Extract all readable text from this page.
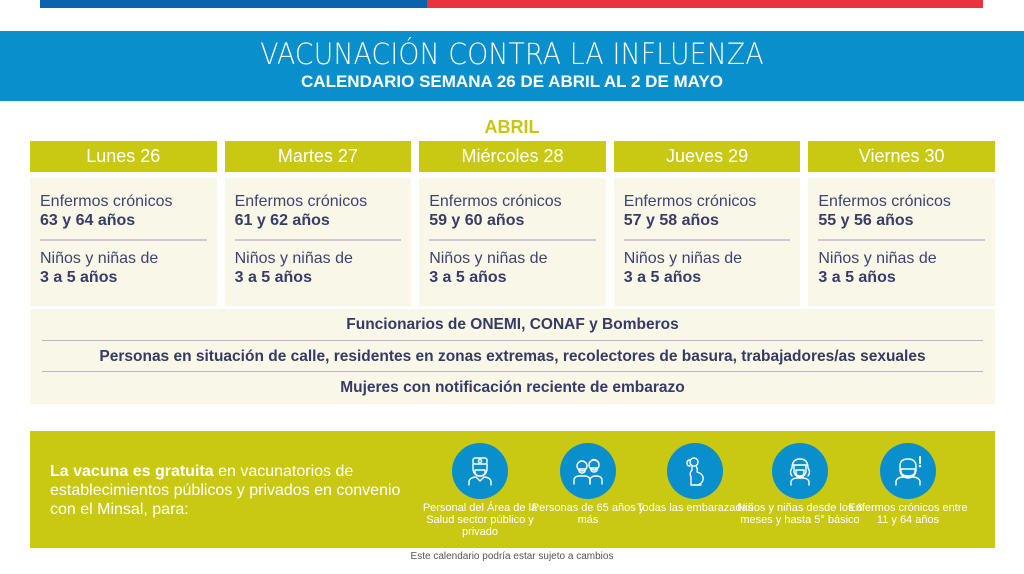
VACUNACIÓN CONTRA LA INFLUENZA
CALENDARIO SEMANA 26 DE ABRIL AL 2 DE MAYO
ABRIL
Lunes 26
Enfermos crónicos
63 y 64 años
Niños y niñas de
3 a 5 años
Martes 27
Enfermos crónicos
61 y 62 años
Niños y niñas de
3 a 5 años
Miércoles 28
Enfermos crónicos
59 y 60 años
Niños y niñas de
3 a 5 años
Jueves 29
Enfermos crónicos
57 y 58 años
Niños y niñas de
3 a 5 años
Viernes 30
Enfermos crónicos
55 y 56 años
Niños y niñas de
3 a 5 años
Funcionarios de ONEMI, CONAF y Bomberos
Personas en situación de calle, residentes en zonas extremas, recolectores de basura, trabajadores/as sexuales
Mujeres con notificación reciente de embarazo
La vacuna es gratuita en vacunatorios de establecimientos públicos y privados en convenio con el Minsal, para:	Personal del Área de la Salud sector público y privado
Personas de 65 años y más
Todas las embarazadas
Niños y niñas desde los 6 meses y hasta 5° básico
Enfermos crónicos entre 11 y 64 años
Este calendario podría estar sujeto a cambios
